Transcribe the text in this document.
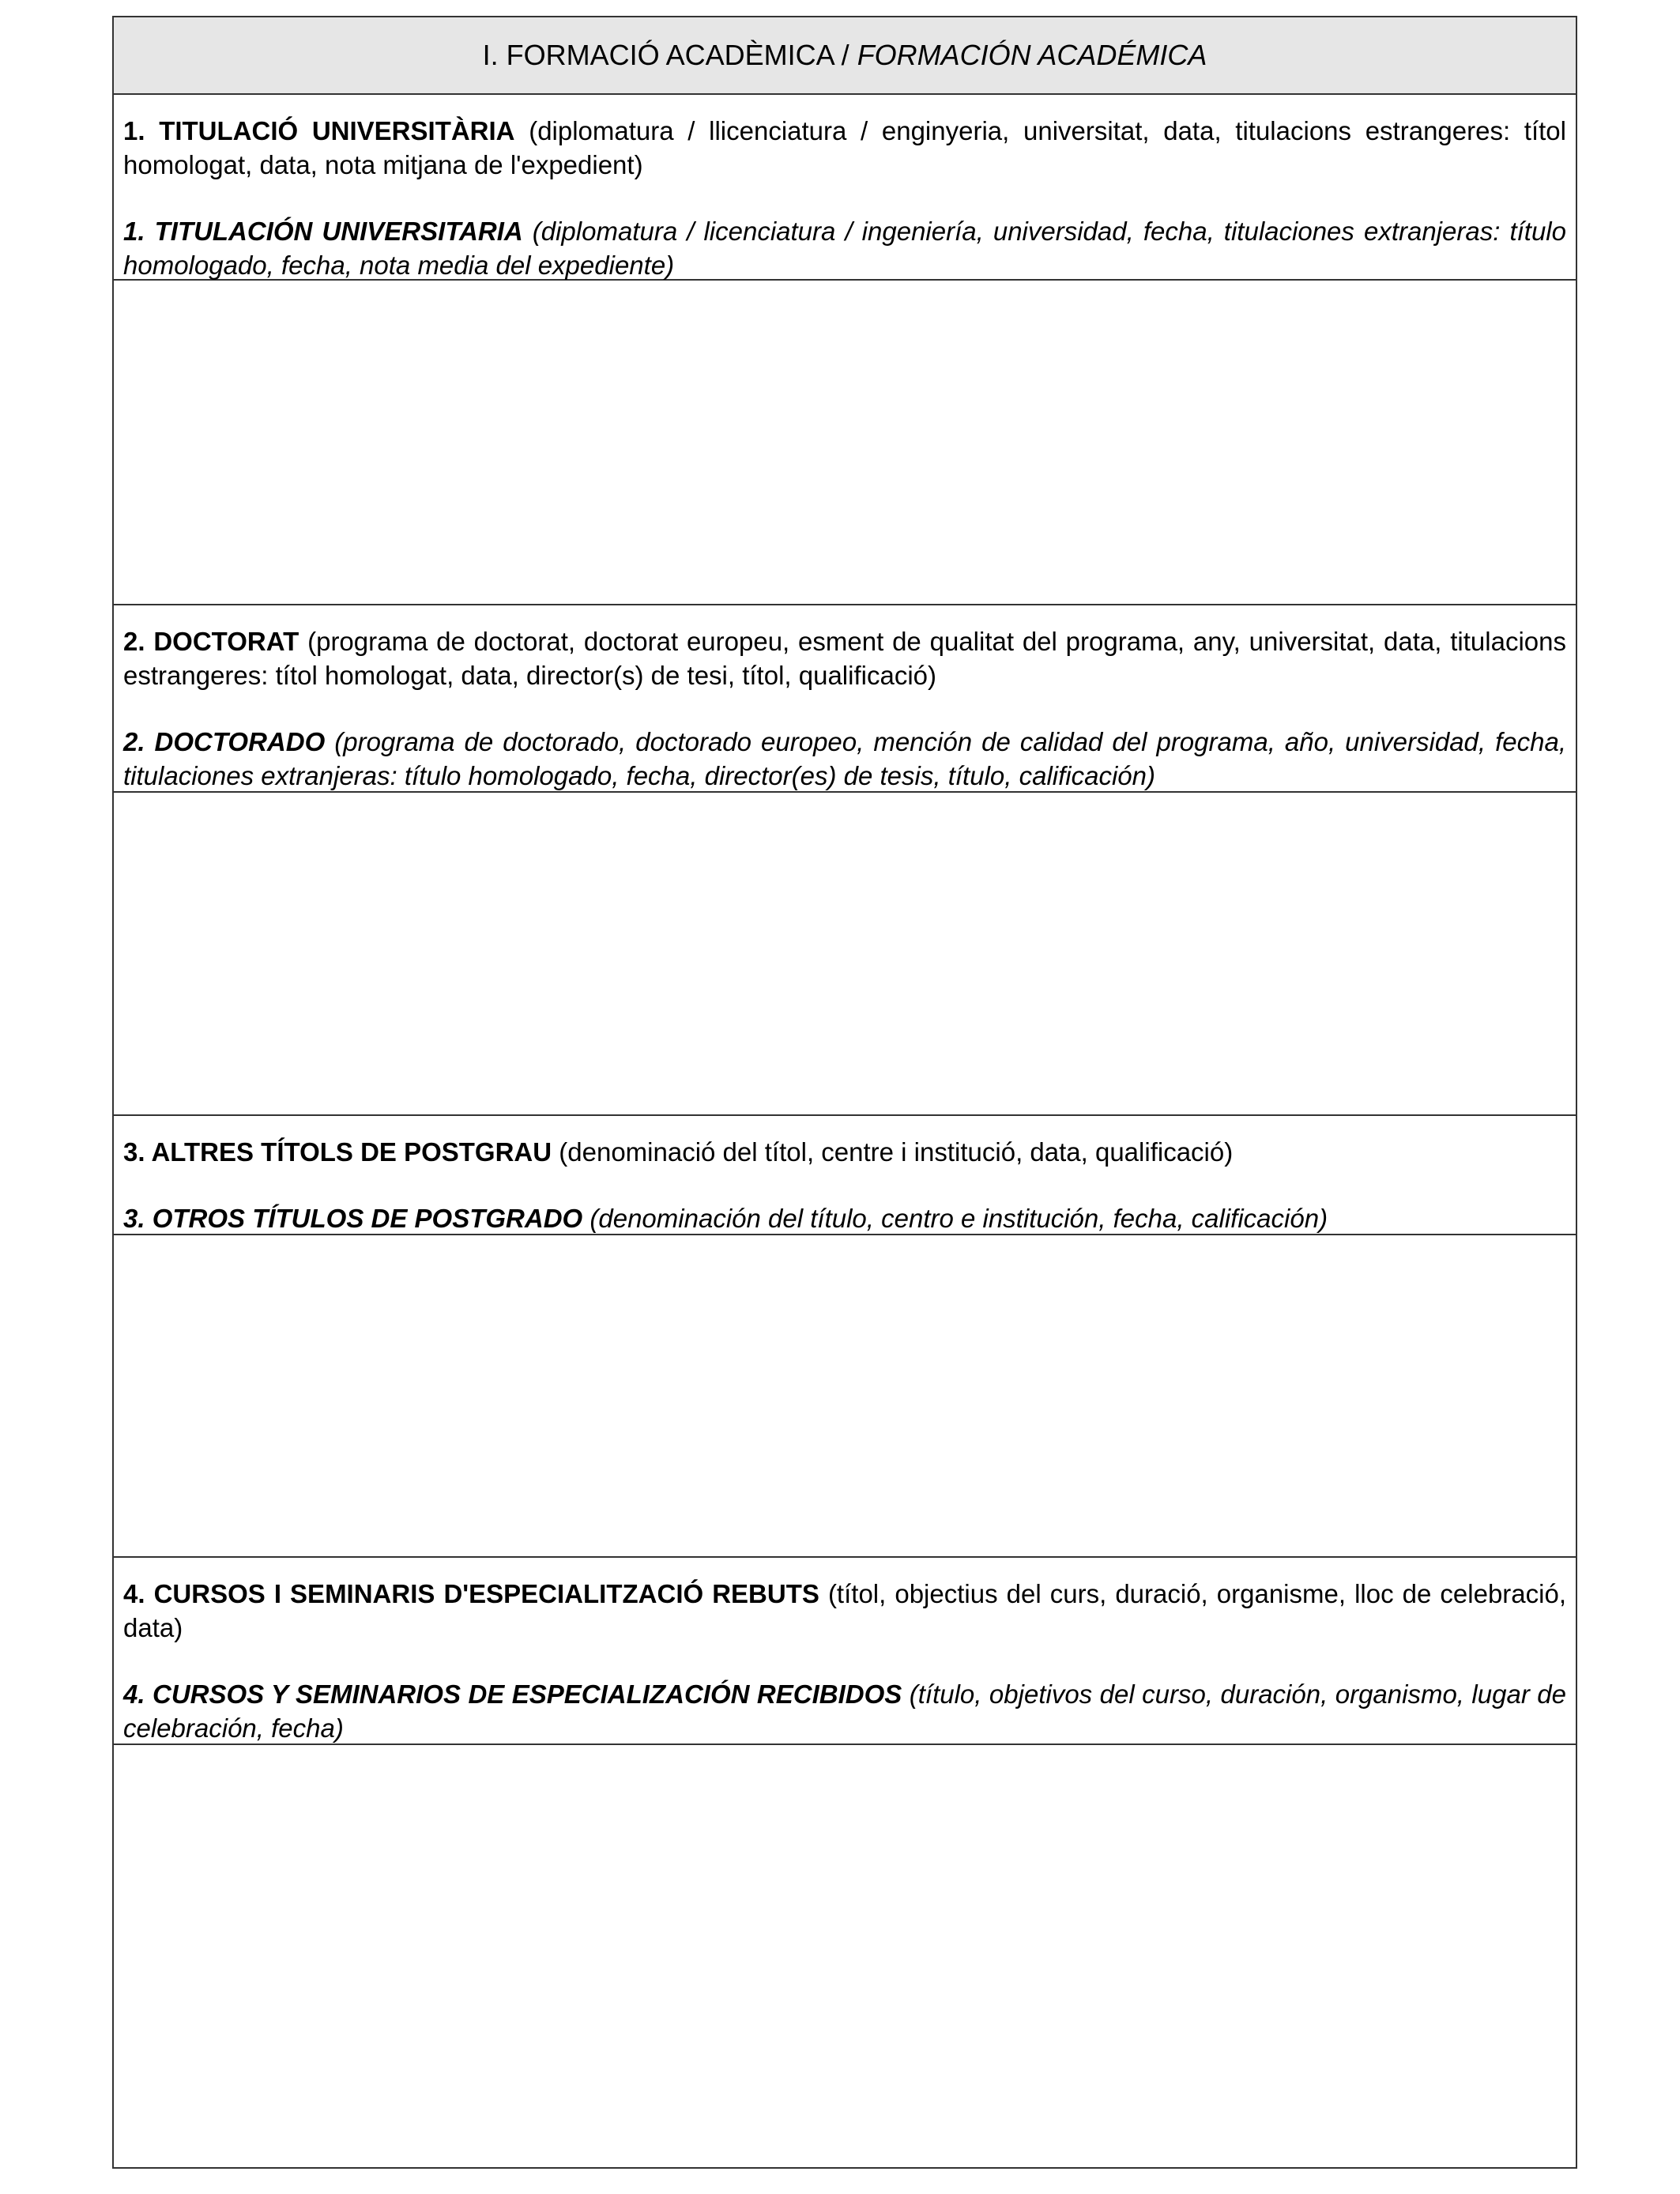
I. FORMACIÓ ACADÈMICA /
FORMACIÓN ACADÉMICA

1. TITULACIÓ UNIVERSITÀRIA (diplomatura / llicenciatura / enginyeria, universitat, data, titulacions estrangeres: títol homologat, data, nota mitjana de l'expedient)

1. TITULACIÓN UNIVERSITARIA (diplomatura / licenciatura / ingeniería, universidad, fecha, titulaciones extranjeras: título homologado, fecha, nota media del expediente)

2. DOCTORAT (programa de doctorat, doctorat europeu, esment de qualitat del programa, any, universitat, data, titulacions estrangeres: títol homologat, data, director(s) de tesi, títol, qualificació)

2. DOCTORADO (programa de doctorado, doctorado europeo, mención de calidad del programa, año, universidad, fecha, titulaciones extranjeras: título homologado, fecha, director(es) de tesis, título, calificación)

3. ALTRES TÍTOLS DE POSTGRAU (denominació del títol, centre i institució, data, qualificació)

3. OTROS TÍTULOS DE POSTGRADO (denominación del título, centro e institución, fecha, calificación)

4. CURSOS I SEMINARIS D'ESPECIALITZACIÓ REBUTS (títol, objectius del curs, duració, organisme, lloc de celebració, data)

4. CURSOS Y SEMINARIOS DE ESPECIALIZACIÓN RECIBIDOS (título, objetivos del curso, duración, organismo, lugar de celebración, fecha)
